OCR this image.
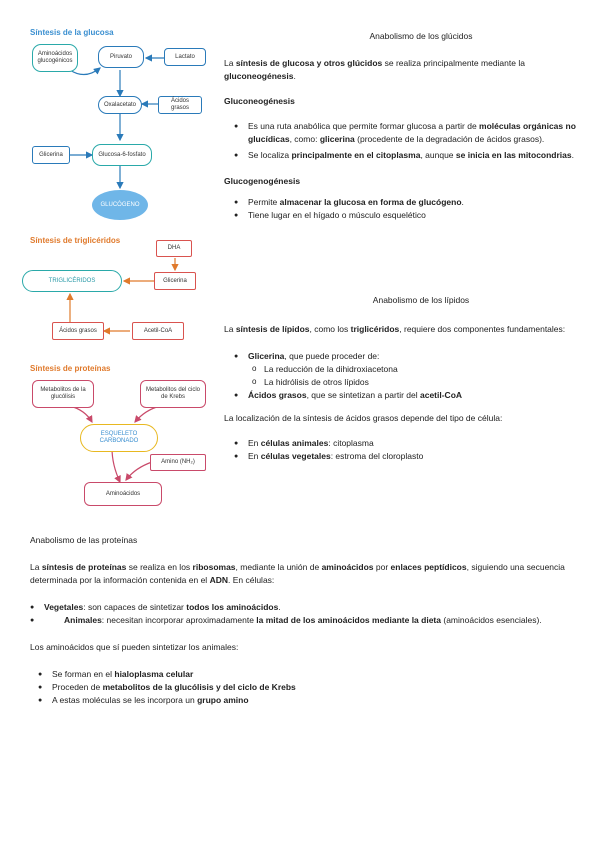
Síntesis de la glucosa
Aminoácidos glucogénicos
Piruvato	Lactato
Oxalacetato
Ácidos grasos
Glicerina	Glucosa-6-fosfato
GLUCÓGENO
Síntesis de triglicéridos
DHA
TRIGLICÉRIDOS	Glicerina
Ácidos grasos	Acetil-CoA
Síntesis de proteínas
Metabolitos de la glucólisis
Metabolitos del ciclo de Krebs
ESQUELETO CARBONADO
Amino (NH₂)
Aminoácidos
Anabolismo de los glúcidos

La síntesis de glucosa y otros glúcidos se realiza principalmente mediante la gluconeogénesis.

Gluconeogénesis
● Es una ruta anabólica que permite formar glucosa a partir de moléculas orgánicas no glucídicas, como: glicerina (procedente de la degradación de ácidos grasos).
● Se localiza principalmente en el citoplasma, aunque se inicia en las mitocondrias.
Glucogenogénesis
● Permite almacenar la glucosa en forma de glucógeno.
● Tiene lugar en el hígado o músculo esquelético
Anabolismo de los lípidos

La síntesis de lípidos, como los triglicéridos, requiere dos componentes fundamentales:

● Glicerina, que puede proceder de:
o La reducción de la dihidroxiacetona
o La hidrólisis de otros lípidos
● Ácidos grasos, que se sintetizan a partir del acetil-CoA

La localización de la síntesis de ácidos grasos depende del tipo de célula:

● En células animales: citoplasma
● En células vegetales: estroma del cloroplasto
Anabolismo de las proteínas

La síntesis de proteínas se realiza en los ribosomas, mediante la unión de aminoácidos por enlaces peptídicos, siguiendo una secuencia determinada por la información contenida en el ADN. En células:

● Vegetales: son capaces de sintetizar todos los aminoácidos.
● Animales: necesitan incorporar aproximadamente la mitad de los aminoácidos mediante la dieta (aminoácidos esenciales).

Los aminoácidos que sí pueden sintetizar los animales:

● Se forman en el hialoplasma celular
● Proceden de metabolitos de la glucólisis y del ciclo de Krebs
● A estas moléculas se les incorpora un grupo amino
